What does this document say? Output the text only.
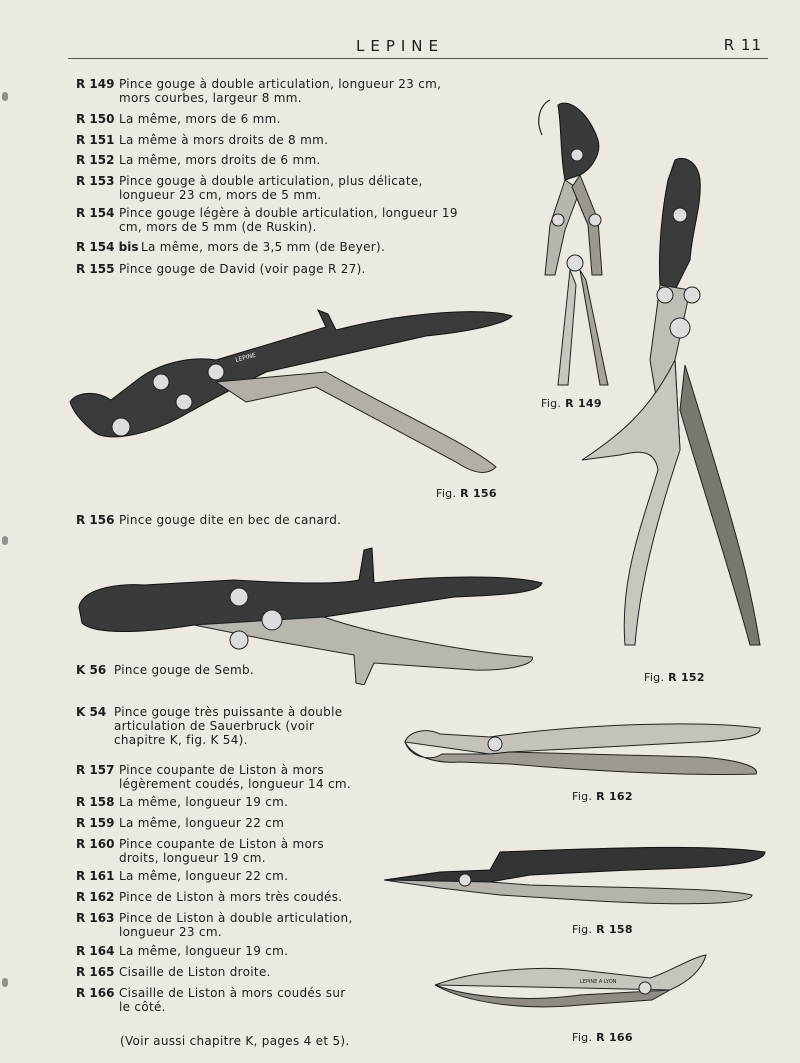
LEPINE	R 11
R 149 Pince gouge à double articulation, longueur 23 cm, mors courbes, largeur 8 mm.
R 150 La même, mors de 6 mm.
R 151 La même à mors droits de 8 mm.
R 152 La même, mors droits de 6 mm.
R 153 Pince gouge à double articulation, plus délicate, longueur 23 cm, mors de 5 mm.
R 154 Pince gouge légère à double articulation, longueur 19 cm, mors de 5 mm (de Ruskin).
R 154 bis La même, mors de 3,5 mm (de Beyer).
R 155 Pince gouge de David (voir page R 27).
R 156 Pince gouge dite en bec de canard.
K 56 Pince gouge de Semb.
K 54 Pince gouge très puissante à double articulation de Sauerbruck (voir chapitre K, fig. K 54).
R 157 Pince coupante de Liston à mors légèrement coudés, longueur 14 cm.
R 158 La même, longueur 19 cm.
R 159 La même, longueur 22 cm
R 160 Pince coupante de Liston à mors droits, longueur 19 cm.
R 161 La même, longueur 22 cm.
R 162 Pince de Liston à mors très coudés.
R 163 Pince de Liston à double articulation, longueur 23 cm.
R 164 La même, longueur 19 cm.
R 165 Cisaille de Liston droite.
R 166 Cisaille de Liston à mors coudés sur le côté.
(Voir aussi chapitre K, pages 4 et 5).
Fig. R 149
Fig. R 156
Fig. R 152
Fig. R 162
Fig. R 158
Fig. R 166
LEPINE
LEPINE A LYON
